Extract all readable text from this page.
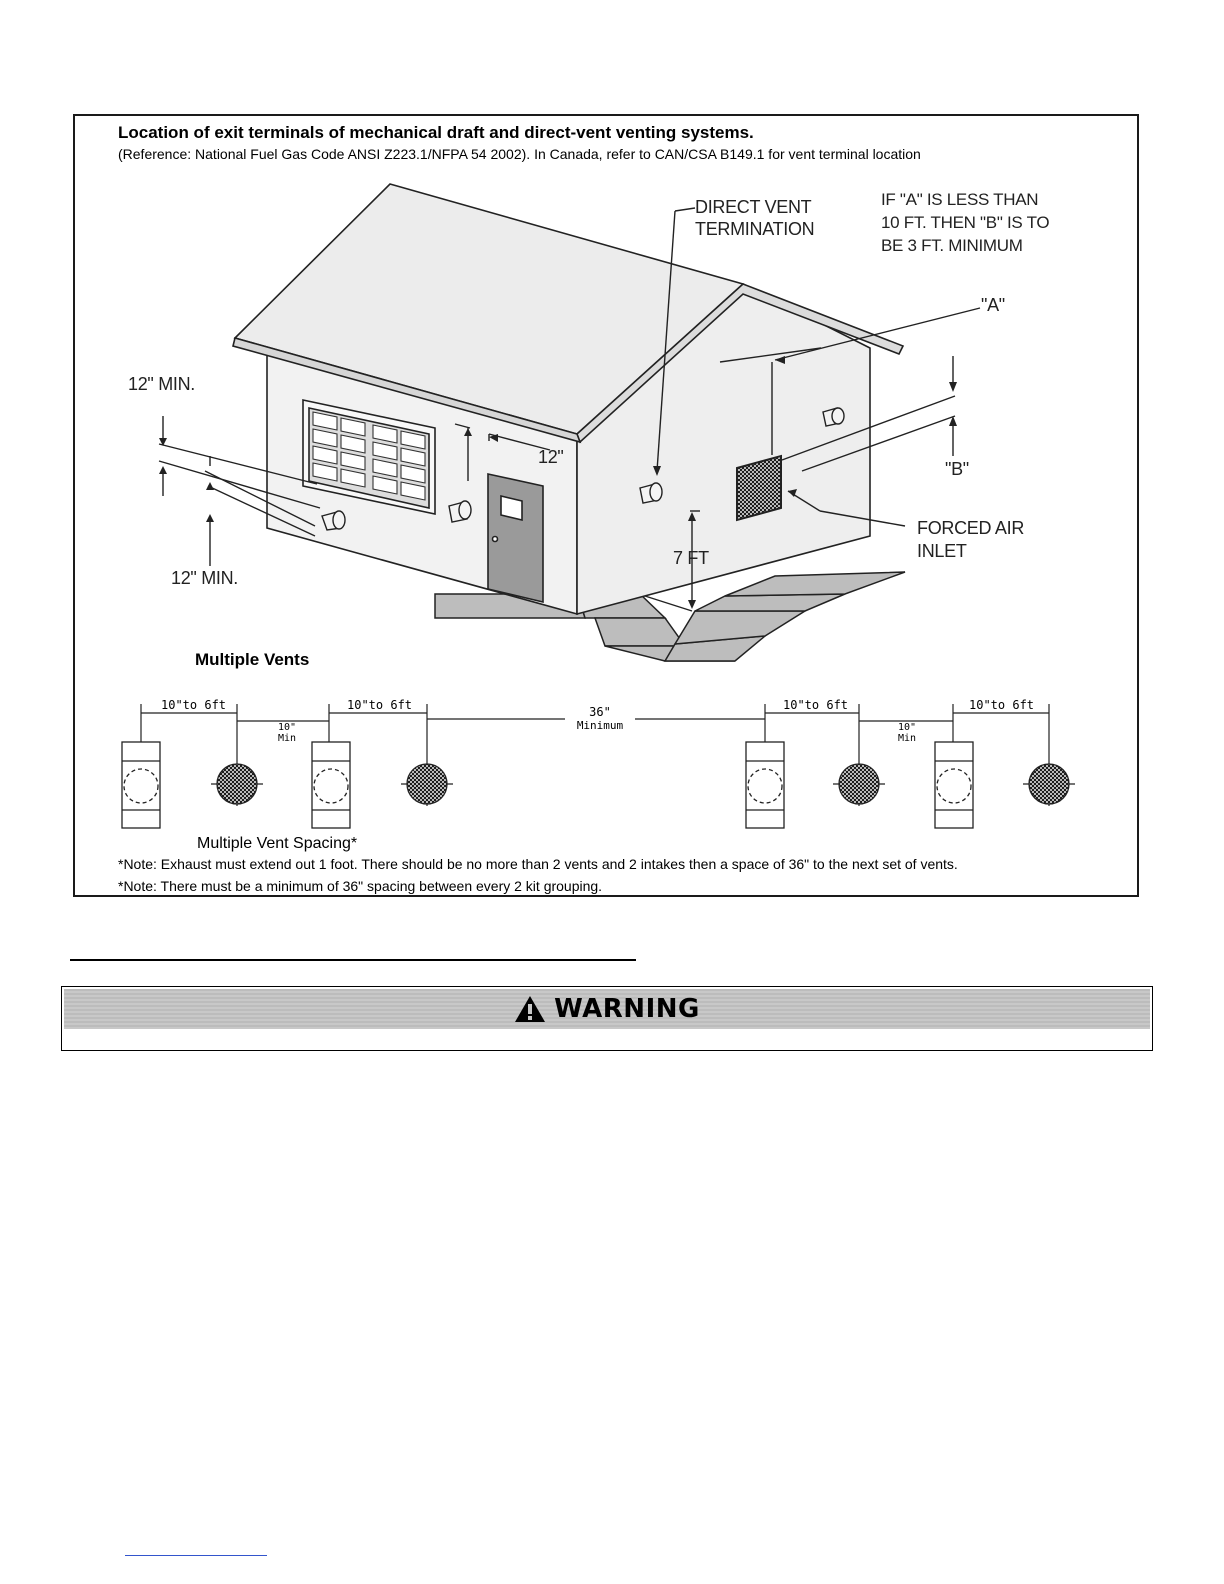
Location of exit terminals of mechanical draft and direct-vent venting systems.
(Reference: National Fuel Gas Code ANSI Z223.1/NFPA 54 2002). In Canada, refer to CAN/CSA B149.1 for vent terminal location
DIRECT VENT
TERMINATION
IF "A" IS LESS THAN
10 FT. THEN "B" IS TO
BE 3 FT. MINIMUM
"A"
"B"
12" MIN.
12" MIN.
12"
7 FT
FORCED AIR
INLET
Multiple Vents
10"to 6ft	10"to 6ft	10"to 6ft	10"to 6ft
10"
Min
10"
Min
36"
Minimum
Multiple Vent Spacing*
*Note: Exhaust must extend out 1 foot. There should be no more than 2 vents and 2 intakes then a space of 36" to the next set of vents.
*Note: There must be a minimum of 36" spacing between every 2 kit grouping.
WARNING
